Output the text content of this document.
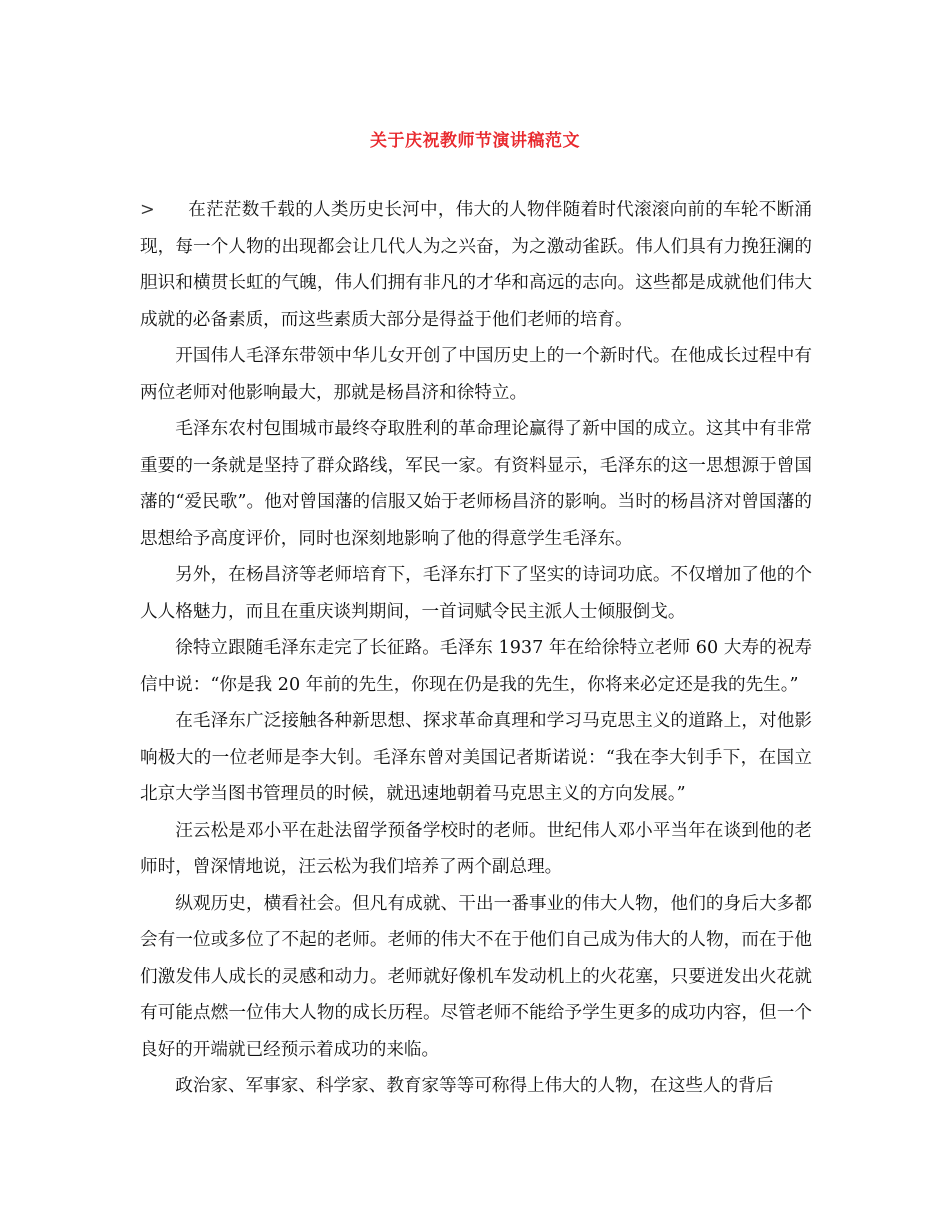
关于庆祝教师节演讲稿范文

> 在茫茫数千载的人类历史长河中，伟大的人物伴随着时代滚滚向前的车轮不断涌现，每一个人物的出现都会让几代人为之兴奋，为之激动雀跃。伟人们具有力挽狂澜的胆识和横贯长虹的气魄，伟人们拥有非凡的才华和高远的志向。这些都是成就他们伟大成就的必备素质，而这些素质大部分是得益于他们老师的培育。

开国伟人毛泽东带领中华儿女开创了中国历史上的一个新时代。在他成长过程中有两位老师对他影响最大，那就是杨昌济和徐特立。

毛泽东农村包围城市最终夺取胜利的革命理论赢得了新中国的成立。这其中有非常重要的一条就是坚持了群众路线，军民一家。有资料显示，毛泽东的这一思想源于曾国藩的“爱民歌”。他对曾国藩的信服又始于老师杨昌济的影响。当时的杨昌济对曾国藩的思想给予高度评价，同时也深刻地影响了他的得意学生毛泽东。

另外，在杨昌济等老师培育下，毛泽东打下了坚实的诗词功底。不仅增加了他的个人人格魅力，而且在重庆谈判期间，一首词赋令民主派人士倾服倒戈。

徐特立跟随毛泽东走完了长征路。毛泽东 1937 年在给徐特立老师 60 大寿的祝寿信中说：“你是我 20 年前的先生，你现在仍是我的先生，你将来必定还是我的先生。”

在毛泽东广泛接触各种新思想、探求革命真理和学习马克思主义的道路上，对他影响极大的一位老师是李大钊。毛泽东曾对美国记者斯诺说：“我在李大钊手下，在国立北京大学当图书管理员的时候，就迅速地朝着马克思主义的方向发展。”

汪云松是邓小平在赴法留学预备学校时的老师。世纪伟人邓小平当年在谈到他的老师时，曾深情地说，汪云松为我们培养了两个副总理。

纵观历史，横看社会。但凡有成就、干出一番事业的伟大人物，他们的身后大多都会有一位或多位了不起的老师。老师的伟大不在于他们自己成为伟大的人物，而在于他们激发伟人成长的灵感和动力。老师就好像机车发动机上的火花塞，只要迸发出火花就有可能点燃一位伟大人物的成长历程。尽管老师不能给予学生更多的成功内容，但一个良好的开端就已经预示着成功的来临。

政治家、军事家、科学家、教育家等等可称得上伟大的人物，在这些人的背后
